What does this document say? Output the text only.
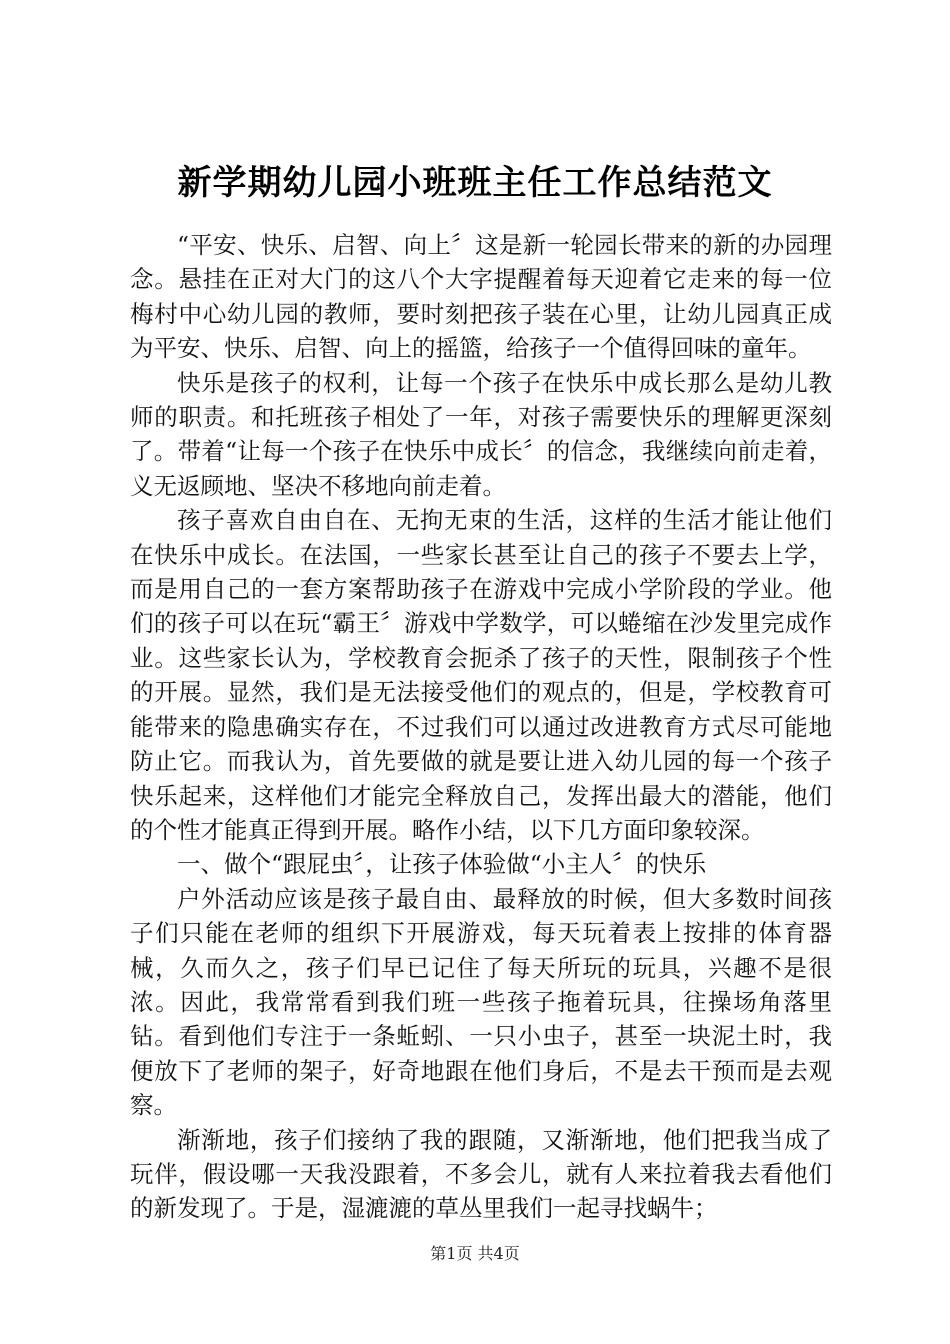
新学期幼儿园小班班主任工作总结范文

“平安、快乐、启智、向上〞这是新一轮园长带来的新的办园理念。悬挂在正对大门的这八个大字提醒着每天迎着它走来的每一位梅村中心幼儿园的教师，要时刻把孩子装在心里，让幼儿园真正成为平安、快乐、启智、向上的摇篮，给孩子一个值得回味的童年。

快乐是孩子的权利，让每一个孩子在快乐中成长那么是幼儿教师的职责。和托班孩子相处了一年，对孩子需要快乐的理解更深刻了。带着“让每一个孩子在快乐中成长〞的信念，我继续向前走着，义无返顾地、坚决不移地向前走着。

孩子喜欢自由自在、无拘无束的生活，这样的生活才能让他们在快乐中成长。在法国，一些家长甚至让自己的孩子不要去上学，而是用自己的一套方案帮助孩子在游戏中完成小学阶段的学业。他们的孩子可以在玩“霸王〞游戏中学数学，可以蜷缩在沙发里完成作业。这些家长认为，学校教育会扼杀了孩子的天性，限制孩子个性的开展。显然，我们是无法接受他们的观点的，但是，学校教育可能带来的隐患确实存在，不过我们可以通过改进教育方式尽可能地防止它。而我认为，首先要做的就是要让进入幼儿园的每一个孩子快乐起来，这样他们才能完全释放自己，发挥出最大的潜能，他们的个性才能真正得到开展。略作小结，以下几方面印象较深。

一、做个“跟屁虫〞，让孩子体验做“小主人〞的快乐

户外活动应该是孩子最自由、最释放的时候，但大多数时间孩子们只能在老师的组织下开展游戏，每天玩着表上按排的体育器械，久而久之，孩子们早已记住了每天所玩的玩具，兴趣不是很浓。因此，我常常看到我们班一些孩子拖着玩具，往操场角落里钻。看到他们专注于一条蚯蚓、一只小虫子，甚至一块泥土时，我便放下了老师的架子，好奇地跟在他们身后，不是去干预而是去观察。

渐渐地，孩子们接纳了我的跟随，又渐渐地，他们把我当成了玩伴，假设哪一天我没跟着，不多会儿，就有人来拉着我去看他们的新发现了。于是，湿漉漉的草丛里我们一起寻找蜗牛；

第1页 共4页
